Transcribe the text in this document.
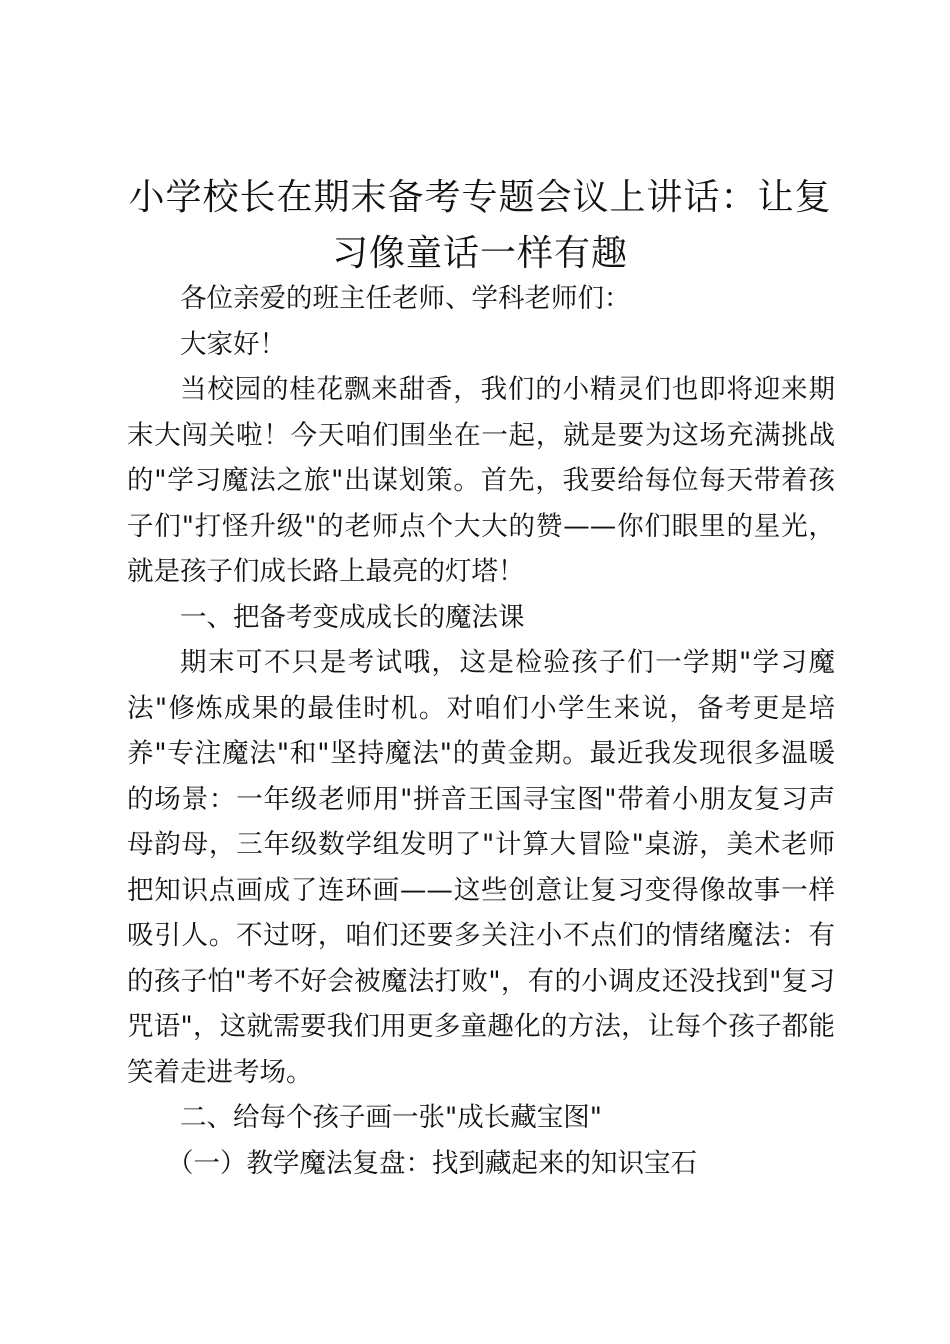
小学校长在期末备考专题会议上讲话：让复习像童话一样有趣

各位亲爱的班主任老师、学科老师们：

大家好！

当校园的桂花飘来甜香，我们的小精灵们也即将迎来期末大闯关啦！今天咱们围坐在一起，就是要为这场充满挑战的"学习魔法之旅"出谋划策。首先，我要给每位每天带着孩子们"打怪升级"的老师点个大大的赞——你们眼里的星光，就是孩子们成长路上最亮的灯塔！

一、把备考变成成长的魔法课

期末可不只是考试哦，这是检验孩子们一学期"学习魔法"修炼成果的最佳时机。对咱们小学生来说，备考更是培养"专注魔法"和"坚持魔法"的黄金期。最近我发现很多温暖的场景：一年级老师用"拼音王国寻宝图"带着小朋友复习声母韵母，三年级数学组发明了"计算大冒险"桌游，美术老师把知识点画成了连环画——这些创意让复习变得像故事一样吸引人。不过呀，咱们还要多关注小不点们的情绪魔法：有的孩子怕"考不好会被魔法打败"，有的小调皮还没找到"复习咒语"，这就需要我们用更多童趣化的方法，让每个孩子都能笑着走进考场。

二、给每个孩子画一张"成长藏宝图"

（一）教学魔法复盘：找到藏起来的知识宝石
